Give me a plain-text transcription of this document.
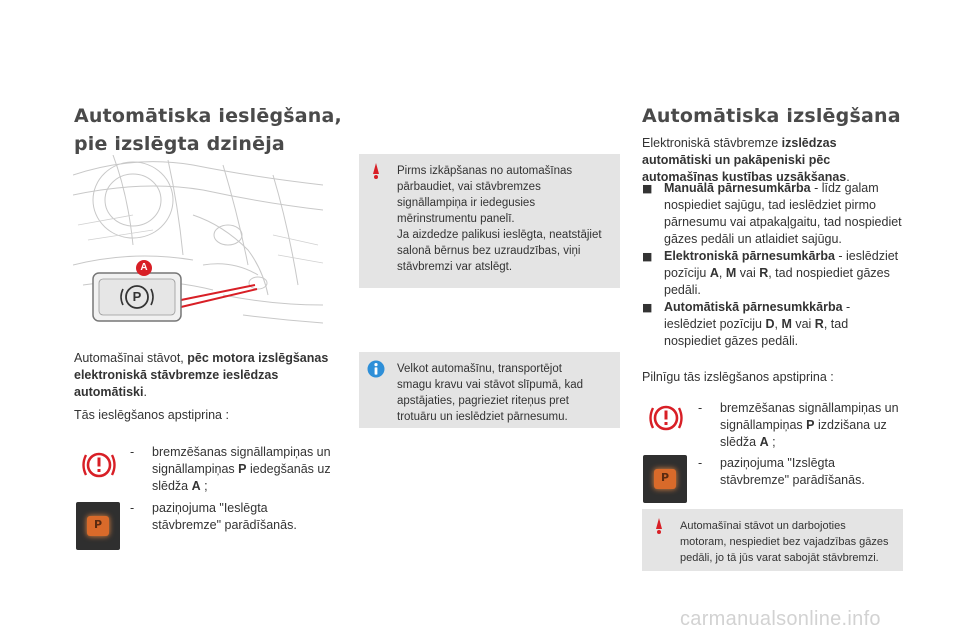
Automātiska ieslēgšana,
pie izslēgta dzinēja
A
P
Automašīnai stāvot, pēc motora izslēgšanas
elektroniskā stāvbremze ieslēdzas
automātiski.
Tās ieslēgšanos apstiprina :
- bremzēšanas signāllampiņas un
signāllampiņas P iedegšanās uz
slēdža A ;
P
- paziņojuma "Ieslēgta
stāvbremze" parādīšanās.
Pirms izkāpšanas no automašīnas
pārbaudiet, vai stāvbremzes
signāllampiņa ir iedegusies
mērinstrumentu panelī.
Ja aizdedze palikusi ieslēgta, neatstājiet
salonā bērnus bez uzraudzības, viņi
stāvbremzi var atslēgt.
Velkot automašīnu, transportējot
smagu kravu vai stāvot slīpumā, kad
apstājaties, pagrieziet riteņus pret
trotuāru un ieslēdziet pārnesumu.
Automātiska izslēgšana
Elektroniskā stāvbremze izslēdzas
automātiski un pakāpeniski pēc
automašīnas kustības uzsākšanas.
■ Manuālā pārnesumkārba - līdz galam
nospiediet sajūgu, tad ieslēdziet pirmo
pārnesumu vai atpakaļgaitu, tad nospiediet
gāzes pedāli un atlaidiet sajūgu.
■ Elektroniskā pārnesumkārba - ieslēdziet
pozīciju A, M vai R, tad nospiediet gāzes
pedāli.
■ Automātiskā pārnesumkkārba -
ieslēdziet pozīciju D, M vai R, tad
nospiediet gāzes pedāli.
Pilnīgu tās izslēgšanos apstiprina :
- bremzēšanas signāllampiņas un
signāllampiņas P izdzišana uz
slēdža A ;
P
- paziņojuma "Izslēgta
stāvbremze" parādīšanās.
Automašīnai stāvot un darbojoties
motoram, nespiediet bez vajadzības gāzes
pedāli, jo tā jūs varat sabojāt stāvbremzi.
carmanualsonline.info
